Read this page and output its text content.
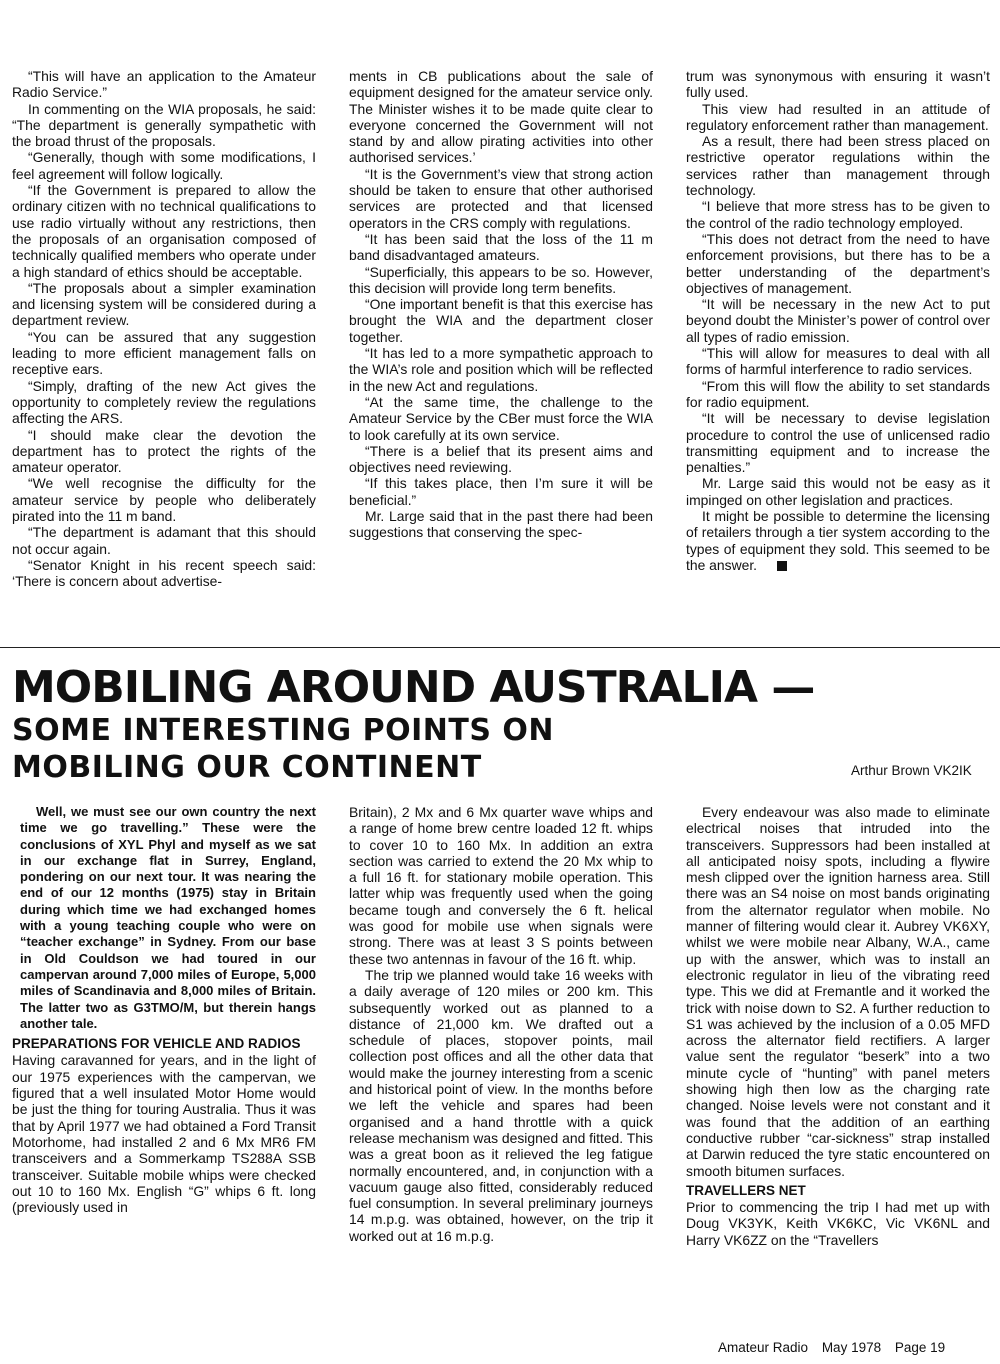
“This will have an application to the Amateur Radio Service.”

In commenting on the WIA proposals, he said: “The department is generally sympathetic with the broad thrust of the proposals.

“Generally, though with some modifications, I feel agreement will follow logically.

“If the Government is prepared to allow the ordinary citizen with no technical qualifications to use radio virtually without any restrictions, then the proposals of an organisation composed of technically qualified members who operate under a high standard of ethics should be acceptable.

“The proposals about a simpler examination and licensing system will be considered during a department review.

“You can be assured that any suggestion leading to more efficient management falls on receptive ears.

“Simply, drafting of the new Act gives the opportunity to completely review the regulations affecting the ARS.

“I should make clear the devotion the department has to protect the rights of the amateur operator.

“We well recognise the difficulty for the amateur service by people who deliberately pirated into the 11 m band.

“The department is adamant that this should not occur again.

“Senator Knight in his recent speech said: ‘There is concern about advertise-

ments in CB publications about the sale of equipment designed for the amateur service only. The Minister wishes it to be made quite clear to everyone concerned the Government will not stand by and allow pirating activities into other authorised services.’

“It is the Government’s view that strong action should be taken to ensure that other authorised services are protected and that licensed operators in the CRS comply with regulations.

“It has been said that the loss of the 11 m band disadvantaged amateurs.

“Superficially, this appears to be so. However, this decision will provide long term benefits.

“One important benefit is that this exercise has brought the WIA and the department closer together.

“It has led to a more sympathetic approach to the WIA’s role and position which will be reflected in the new Act and regulations.

“At the same time, the challenge to the Amateur Service by the CBer must force the WIA to look carefully at its own service.

“There is a belief that its present aims and objectives need reviewing.

“If this takes place, then I’m sure it will be beneficial.”

Mr. Large said that in the past there had been suggestions that conserving the spec-

trum was synonymous with ensuring it wasn’t fully used.

This view had resulted in an attitude of regulatory enforcement rather than management.

As a result, there had been stress placed on restrictive operator regulations within the services rather than management through technology.

“I believe that more stress has to be given to the control of the radio technology employed.

“This does not detract from the need to have enforcement provisions, but there has to be a better understanding of the department’s objectives of management.

“It will be necessary in the new Act to put beyond doubt the Minister’s power of control over all types of radio emission.

“This will allow for measures to deal with all forms of harmful interference to radio services.

“From this will flow the ability to set standards for radio equipment.

“It will be necessary to devise legislation procedure to control the use of unlicensed radio transmitting equipment and to increase the penalties.”

Mr. Large said this would not be easy as it impinged on other legislation and practices.

It might be possible to determine the licensing of retailers through a tier system according to the types of equipment they sold. This seemed to be the answer.

MOBILING AROUND AUSTRALIA —
SOME INTERESTING POINTS ON
MOBILING OUR CONTINENT	Arthur Brown VK2IK

Well, we must see our own country the next time we go travelling.” These were the conclusions of XYL Phyl and myself as we sat in our exchange flat in Surrey, England, pondering on our next tour. It was nearing the end of our 12 months (1975) stay in Britain during which time we had exchanged homes with a young teaching couple who were on “teacher exchange” in Sydney. From our base in Old Couldson we had toured in our campervan around 7,000 miles of Europe, 5,000 miles of Scandinavia and 8,000 miles of Britain. The latter two as G3TMO/M, but therein hangs another tale.

PREPARATIONS FOR VEHICLE AND RADIOS

Having caravanned for years, and in the light of our 1975 experiences with the campervan, we figured that a well insulated Motor Home would be just the thing for touring Australia. Thus it was that by April 1977 we had obtained a Ford Transit Motorhome, had installed 2 and 6 Mx MR6 FM transceivers and a Sommerkamp TS288A SSB transceiver. Suitable mobile whips were checked out 10 to 160 Mx. English “G” whips 6 ft. long (previously used in

Britain), 2 Mx and 6 Mx quarter wave whips and a range of home brew centre loaded 12 ft. whips to cover 10 to 160 Mx. In addition an extra section was carried to extend the 20 Mx whip to a full 16 ft. for stationary mobile operation. This latter whip was frequently used when the going became tough and conversely the 6 ft. helical was good for mobile use when signals were strong. There was at least 3 S points between these two antennas in favour of the 16 ft. whip.

The trip we planned would take 16 weeks with a daily average of 120 miles or 200 km. This subsequently worked out as planned to a distance of 21,000 km. We drafted out a schedule of places, stopover points, mail collection post offices and all the other data that would make the journey interesting from a scenic and historical point of view. In the months before we left the vehicle and spares had been organised and a hand throttle with a quick release mechanism was designed and fitted. This was a great boon as it relieved the leg fatigue normally encountered, and, in conjunction with a vacuum gauge also fitted, considerably reduced fuel consumption. In several preliminary journeys 14 m.p.g. was obtained, however, on the trip it worked out at 16 m.p.g.

Every endeavour was also made to eliminate electrical noises that intruded into the transceivers. Suppressors had been installed at all anticipated noisy spots, including a flywire mesh clipped over the ignition harness area. Still there was an S4 noise on most bands originating from the alternator regulator when mobile. No manner of filtering would clear it. Aubrey VK6XY, whilst we were mobile near Albany, W.A., came up with the answer, which was to install an electronic regulator in lieu of the vibrating reed type. This we did at Fremantle and it worked the trick with noise down to S2. A further reduction to S1 was achieved by the inclusion of a 0.05 MFD across the alternator field rectifiers. A larger value sent the regulator “beserk” into a two minute cycle of “hunting” with panel meters showing high then low as the charging rate changed. Noise levels were not constant and it was found that the addition of an earthing conductive rubber “car-sickness” strap installed at Darwin reduced the tyre static encountered on smooth bitumen surfaces.

TRAVELLERS NET

Prior to commencing the trip I had met up with Doug VK3YK, Keith VK6KC, Vic VK6NL and Harry VK6ZZ on the “Travellers

Amateur Radio May 1978 Page 19
